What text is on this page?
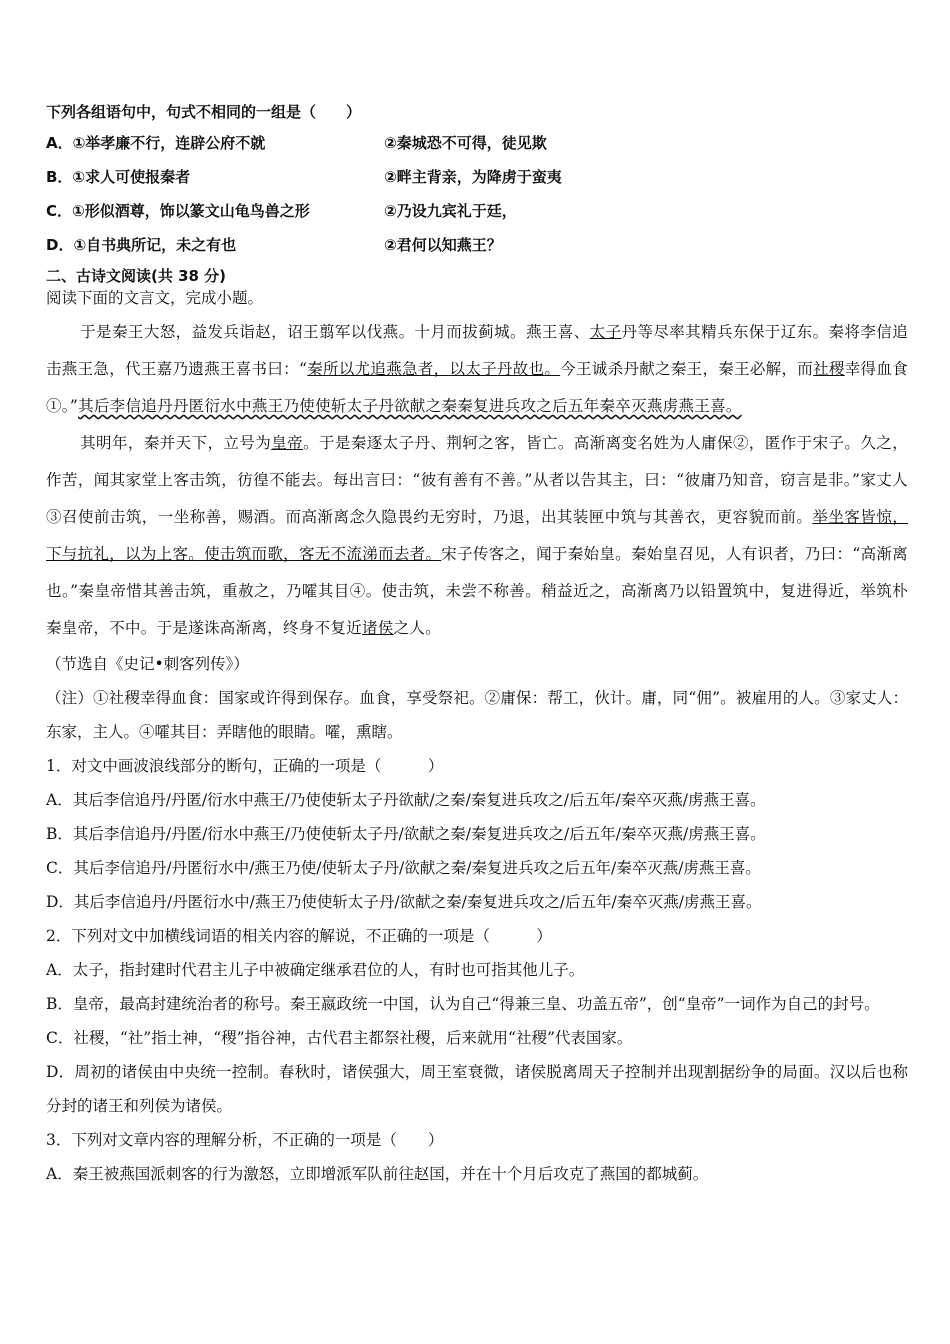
下列各组语句中，句式不相同的一组是（　　）
A．①举孝廉不行，连辟公府不就	②秦城恐不可得，徒见欺
B．①求人可使报秦者	②畔主背亲，为降虏于蛮夷
C．①形似酒尊，饰以篆文山龟鸟兽之形	②乃设九宾礼于廷，
D．①自书典所记，未之有也	②君何以知燕王？
二、古诗文阅读(共 38 分)
阅读下面的文言文，完成小题。
于是秦王大怒，益发兵诣赵，诏王翦军以伐燕。十月而拔蓟城。燕王喜、太子丹等尽率其精兵东保于辽东。秦将李信追击燕王急，代王嘉乃遗燕王喜书曰：“秦所以尤追燕急者，以太子丹故也。今王诚杀丹献之秦王，秦王必解，而社稷幸得血食①。”其后李信追丹丹匿衍水中燕王乃使使斩太子丹欲献之秦秦复进兵攻之后五年秦卒灭燕虏燕王喜。
其明年，秦并天下，立号为皇帝。于是秦逐太子丹、荆轲之客，皆亡。高渐离变名姓为人庸保②，匿作于宋子。久之，作苦，闻其家堂上客击筑，彷徨不能去。每出言曰：“彼有善有不善。”从者以告其主，曰：“彼庸乃知音，窃言是非。”家丈人③召使前击筑，一坐称善，赐酒。而高渐离念久隐畏约无穷时，乃退，出其装匣中筑与其善衣，更容貌而前。举坐客皆惊，下与抗礼，以为上客。使击筑而歌，客无不流涕而去者。宋子传客之，闻于秦始皇。秦始皇召见，人有识者，乃曰：“高渐离也。”秦皇帝惜其善击筑，重赦之，乃嚯其目④。使击筑，未尝不称善。稍益近之，高渐离乃以铅置筑中，复进得近，举筑朴秦皇帝，不中。于是遂诛高渐离，终身不复近诸侯之人。
（节选自《史记•刺客列传》）
（注）①社稷幸得血食：国家或许得到保存。血食，享受祭祀。②庸保：帮工，伙计。庸，同“佣”。被雇用的人。③家丈人：东家，主人。④嚯其目：弄瞎他的眼睛。嚯，熏瞎。
1．对文中画波浪线部分的断句，正确的一项是（　　　）
A．其后李信追丹/丹匿/衍水中燕王/乃使使斩太子丹欲献/之秦/秦复进兵攻之/后五年/秦卒灭燕/虏燕王喜。
B．其后李信追丹/丹匿/衍水中燕王/乃使使斩太子丹/欲献之秦/秦复进兵攻之/后五年/秦卒灭燕/虏燕王喜。
C．其后李信追丹/丹匿衍水中/燕王乃使/使斩太子丹/欲献之秦/秦复进兵攻之后五年/秦卒灭燕/虏燕王喜。
D．其后李信追丹/丹匿衍水中/燕王乃使使斩太子丹/欲献之秦/秦复进兵攻之/后五年/秦卒灭燕/虏燕王喜。
2．下列对文中加横线词语的相关内容的解说，不正确的一项是（　　　）
A．太子，指封建时代君主儿子中被确定继承君位的人，有时也可指其他儿子。
B．皇帝，最高封建统治者的称号。秦王嬴政统一中国，认为自己“得兼三皇、功盖五帝”，创“皇帝”一词作为自己的封号。
C．社稷，“社”指土神，“稷”指谷神，古代君主都祭社稷，后来就用“社稷”代表国家。
D．周初的诸侯由中央统一控制。春秋时，诸侯强大，周王室衰微，诸侯脱离周天子控制并出现割据纷争的局面。汉以后也称分封的诸王和列侯为诸侯。
3．下列对文章内容的理解分析，不正确的一项是（　　）
A．秦王被燕国派刺客的行为激怒，立即增派军队前往赵国，并在十个月后攻克了燕国的都城蓟。
